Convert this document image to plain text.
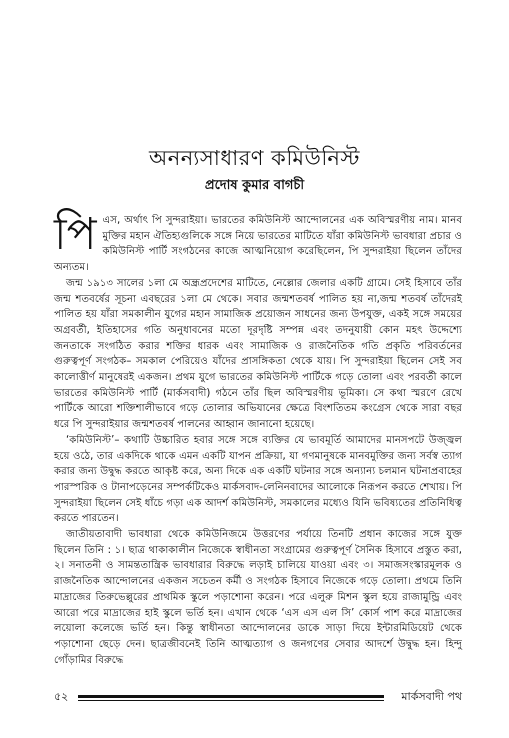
অনন্যসাধারণ কমিউনিস্ট
প্রদোষ কুমার বাগচী

পিএস, অর্থাৎ পি সুন্দরাইয়া। ভারতের কমিউনিস্ট আন্দোলনের এক অবিস্মরণীয় নাম। মানব মুক্তির মহান ঐতিহ্যগুলিকে সঙ্গে নিয়ে ভারতের মাটিতে যাঁরা কমিউনিস্ট ভাবধারা প্রচার ও কমিউনিস্ট পার্টি সংগঠনের কাজে আত্মনিয়োগ করেছিলেন, পি সুন্দরাইয়া ছিলেন তাঁদের অন্যতম।

জন্ম ১৯১৩ সালের ১লা মে অন্ধ্রপ্রদেশের মাটিতে, নেল্লোর জেলার একটি গ্রামে। সেই হিসাবে তাঁর জন্ম শতবর্ষের সূচনা এবছরের ১লা মে থেকে। সবার জন্মশতবর্ষ পালিত হয় না,জন্ম শতবর্ষ তাঁদেরই পালিত হয় যাঁরা সমকালীন যুগের মহান সামাজিক প্রয়োজন সাধনের জন্য উপযুক্ত, একই সঙ্গে সময়ের অগ্রবর্তী, ইতিহাসের গতি অনুধাবনের মতো দূরদৃষ্টি সম্পন্ন এবং তদনুযায়ী কোন মহৎ উদ্দেশ্যে জনতাকে সংগঠিত করার শক্তির ধারক এবং সামাজিক ও রাজনৈতিক গতি প্রকৃতি পরিবর্তনের গুরুত্বপূর্ণ সংগঠক– সমকাল পেরিয়েও যাঁদের প্রাসঙ্গিকতা থেকে যায়। পি সুন্দরাইয়া ছিলেন সেই সব কালোত্তীর্ণ মানুষেরই একজন। প্রথম যুগে ভারতের কমিউনিস্ট পার্টিকে গড়ে তোলা এবং পরবর্তী কালে ভারতের কমিউনিস্ট পার্টি (মার্কসবাদী) গঠনে তাঁর ছিল অবিস্মরণীয় ভূমিকা। সে কথা স্মরণে রেখে পার্টিকে আরো শক্তিশালীভাবে গড়ে তোলার অভিযানের ক্ষেত্রে বিংশতিতম কংগ্রেস থেকে সারা বছর ধরে পি সুন্দরাইয়ার জন্মশতবর্ষ পালনের আহ্বান জানানো হয়েছে।

‘কমিউনিস্ট’– কথাটি উচ্চারিত হবার সঙ্গে সঙ্গে ব্যক্তির যে ভাবমূর্তি আমাদের মানসপটে উজ্জ্বল হয়ে ওঠে, তার একদিকে থাকে এমন একটি যাপন প্রক্রিয়া, যা গণমানুষকে মানবমুক্তির জন্য সর্বস্ব ত্যাগ করার জন্য উদ্বুদ্ধ করতে আকৃষ্ট করে, অন্য দিকে এক একটি ঘটনার সঙ্গে অন্যান্য চলমান ঘটনাপ্রবাহের পারস্পরিক ও টানাপড়েনের সম্পর্কটিকেও মার্কসবাদ-লেনিনবাদের আলোকে নিরূপন করতে শেখায়। পি সুন্দরাইয়া ছিলেন সেই ধাঁচে গড়া এক আদর্শ কমিউনিস্ট, সমকালের মধ্যেও যিনি ভবিষ্যতের প্রতিনিধিত্ব করতে পারতেন।

জাতীয়তাবাদী ভাবধারা থেকে কমিউনিজমে উত্তরণের পর্যায়ে তিনটি প্রধান কাজের সঙ্গে যুক্ত ছিলেন তিনি : ১। ছাত্র থাকাকালীন নিজেকে স্বাধীনতা সংগ্রামের গুরুত্বপূর্ণ সৈনিক হিসাবে প্রস্তুত করা, ২। সনাতনী ও সামন্ততান্ত্রিক ভাবধারার বিরুদ্ধে লড়াই চালিয়ে যাওয়া এবং ৩। সমাজসংস্কারমূলক ও রাজনৈতিক আন্দোলনের একজন সচেতন কর্মী ও সংগঠক হিসাবে নিজেকে গড়ে তোলা। প্রথমে তিনি মাদ্রাজের তিরুভেল্লুরের প্রাথমিক স্কুলে পড়াশোনা করেন। পরে এলুরু মিশন স্কুল হয়ে রাজামুন্ড্রি এবং আরো পরে মাদ্রাজের হাই স্কুলে ভর্তি হন। এখান থেকে ‘এস এস এল সি’ কোর্স পাশ করে মাদ্রাজের লয়োলা কলেজে ভর্তি হন। কিন্তু স্বাধীনতা আন্দোলনের ডাকে সাড়া দিয়ে ইন্টারমিডিয়েট থেকে পড়াশোনা ছেড়ে দেন। ছাত্রজীবনেই তিনি আত্মত্যাগ ও জনগণের সেবার আদর্শে উদ্বুদ্ধ হন। হিন্দু গোঁড়ামির বিরুদ্ধে

৫২	মার্কসবাদী পথ
